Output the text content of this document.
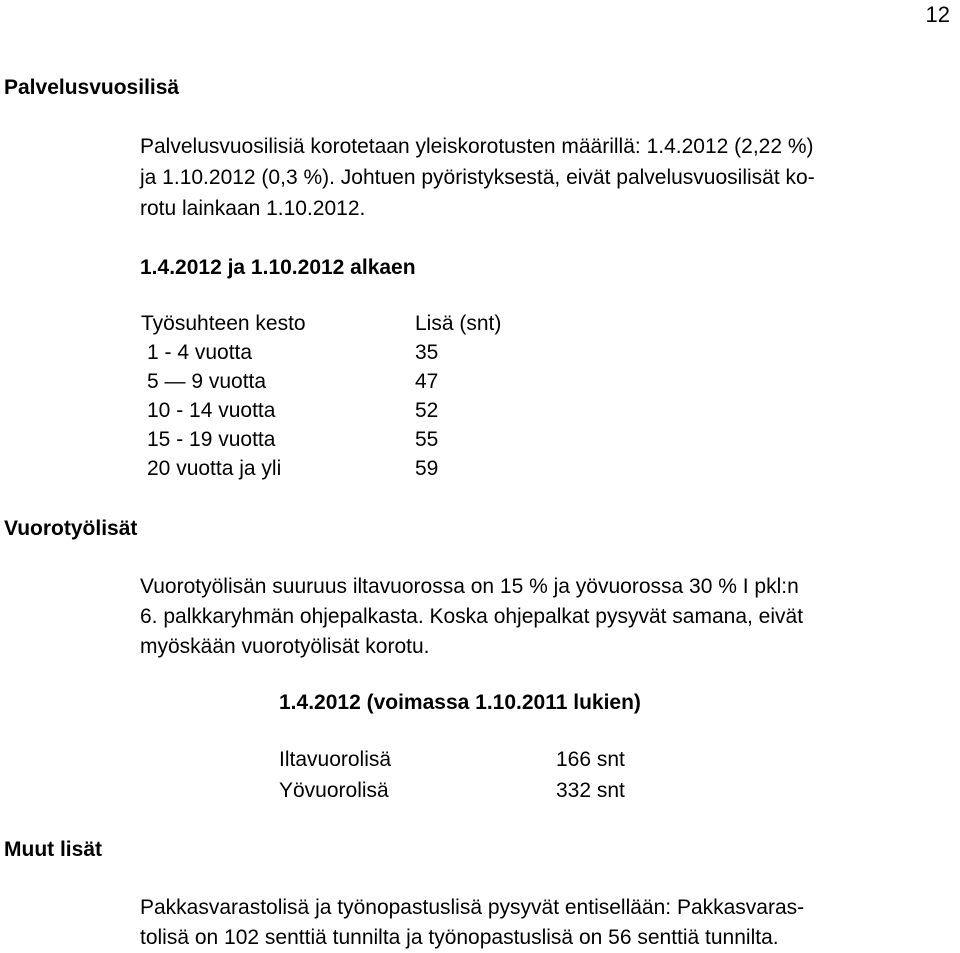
12
Palvelusvuosilisä
Palvelusvuosilisiä korotetaan yleiskorotusten määrillä: 1.4.2012 (2,22 %)
ja 1.10.2012 (0,3 %). Johtuen pyöristyksestä, eivät palvelusvuosilisät ko-
rotu lainkaan 1.10.2012.
1.4.2012 ja 1.10.2012 alkaen
Työsuhteen kesto	Lisä (snt)
1 - 4 vuotta	35
5 — 9 vuotta	47
10 - 14 vuotta	52
15 - 19 vuotta	55
20 vuotta ja yli	59
Vuorotyölisät
Vuorotyölisän suuruus iltavuorossa on 15 % ja yövuorossa 30 % I pkl:n
6. palkkaryhmän ohjepalkasta. Koska ohjepalkat pysyvät samana, eivät
myöskään vuorotyölisät korotu.
1.4.2012 (voimassa 1.10.2011 lukien)
Iltavuorolisä	166 snt
Yövuorolisä	332 snt
Muut lisät
Pakkasvarastolisä ja työnopastuslisä pysyvät entisellään: Pakkasvaras-
tolisä on 102 senttiä tunnilta ja työnopastuslisä on 56 senttiä tunnilta.
